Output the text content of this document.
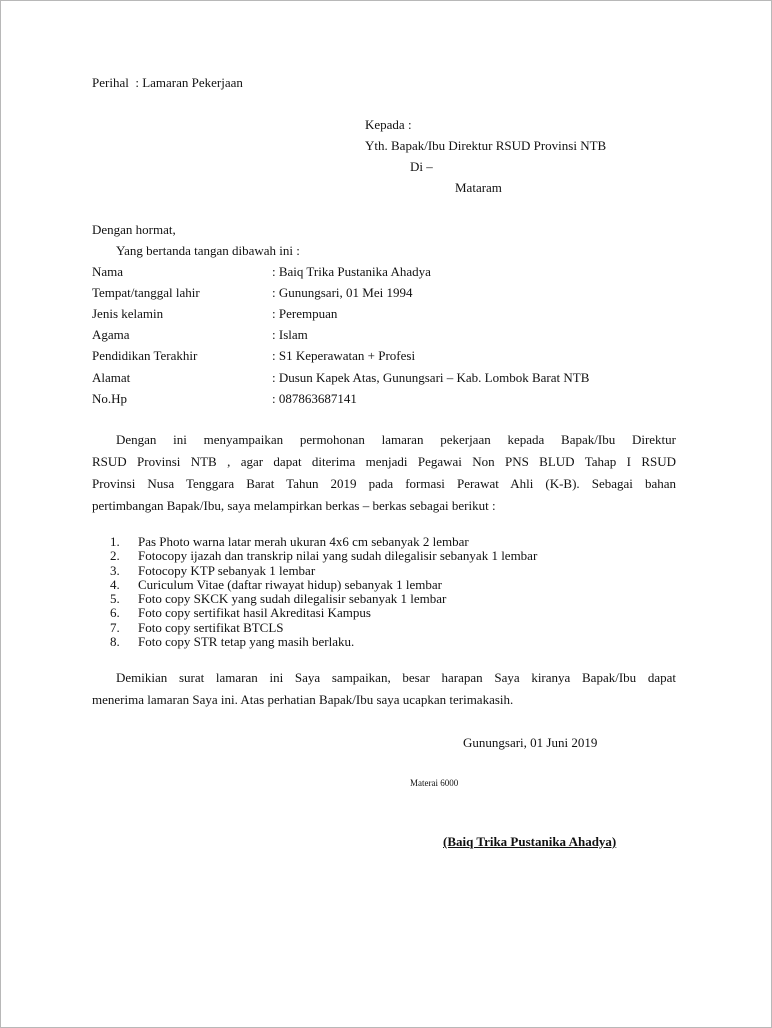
Perihal : Lamaran Pekerjaan
Kepada :
Yth. Bapak/Ibu Direktur RSUD Provinsi NTB
Di –
Mataram
Dengan hormat,
Yang bertanda tangan dibawah ini :
Nama	: Baiq Trika Pustanika Ahadya
Tempat/tanggal lahir	: Gunungsari, 01 Mei 1994
Jenis kelamin	: Perempuan
Agama	: Islam
Pendidikan Terakhir	: S1 Keperawatan + Profesi
Alamat	: Dusun Kapek Atas, Gunungsari – Kab. Lombok Barat NTB
No.Hp	: 087863687141
Dengan ini menyampaikan permohonan lamaran pekerjaan kepada Bapak/Ibu Direktur
RSUD Provinsi NTB , agar dapat diterima menjadi Pegawai Non PNS BLUD Tahap I RSUD
Provinsi Nusa Tenggara Barat Tahun 2019 pada formasi Perawat Ahli (K-B). Sebagai bahan
pertimbangan Bapak/Ibu, saya melampirkan berkas – berkas sebagai berikut :
1.	Pas Photo warna latar merah ukuran 4x6 cm sebanyak 2 lembar
2.	Fotocopy ijazah dan transkrip nilai yang sudah dilegalisir sebanyak 1 lembar
3.	Fotocopy KTP sebanyak 1 lembar
4.	Curiculum Vitae (daftar riwayat hidup) sebanyak 1 lembar
5.	Foto copy SKCK yang sudah dilegalisir sebanyak 1 lembar
6.	Foto copy sertifikat hasil Akreditasi Kampus
7.	Foto copy sertifikat BTCLS
8.	Foto copy STR tetap yang masih berlaku.
Demikian surat lamaran ini Saya sampaikan, besar harapan Saya kiranya Bapak/Ibu dapat
menerima lamaran Saya ini. Atas perhatian Bapak/Ibu saya ucapkan terimakasih.
Gunungsari, 01 Juni 2019
Materai 6000
(Baiq Trika Pustanika Ahadya)
